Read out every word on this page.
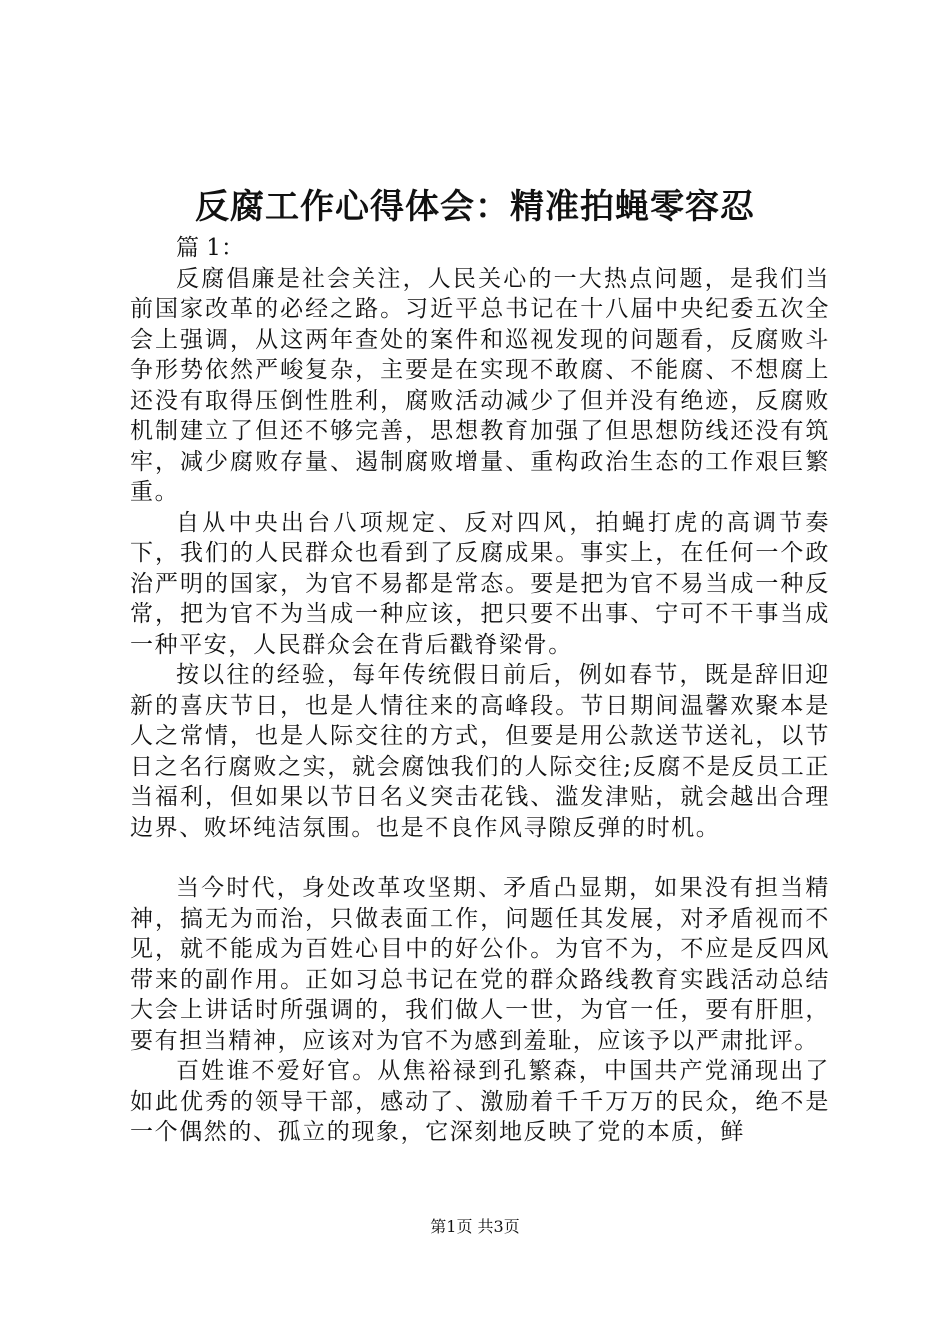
反腐工作心得体会：精准拍蝇零容忍

篇 1：

反腐倡廉是社会关注，人民关心的一大热点问题，是我们当前国家改革的必经之路。习近平总书记在十八届中央纪委五次全会上强调，从这两年查处的案件和巡视发现的问题看，反腐败斗争形势依然严峻复杂，主要是在实现不敢腐、不能腐、不想腐上还没有取得压倒性胜利，腐败活动减少了但并没有绝迹，反腐败机制建立了但还不够完善，思想教育加强了但思想防线还没有筑牢，减少腐败存量、遏制腐败增量、重构政治生态的工作艰巨繁重。

自从中央出台八项规定、反对四风，拍蝇打虎的高调节奏下，我们的人民群众也看到了反腐成果。事实上，在任何一个政治严明的国家，为官不易都是常态。要是把为官不易当成一种反常，把为官不为当成一种应该，把只要不出事、宁可不干事当成一种平安，人民群众会在背后戳脊梁骨。

按以往的经验，每年传统假日前后，例如春节，既是辞旧迎新的喜庆节日，也是人情往来的高峰段。节日期间温馨欢聚本是人之常情，也是人际交往的方式，但要是用公款送节送礼，以节日之名行腐败之实，就会腐蚀我们的人际交往;反腐不是反员工正当福利，但如果以节日名义突击花钱、滥发津贴，就会越出合理边界、败坏纯洁氛围。也是不良作风寻隙反弹的时机。

当今时代，身处改革攻坚期、矛盾凸显期，如果没有担当精神，搞无为而治，只做表面工作，问题任其发展，对矛盾视而不见，就不能成为百姓心目中的好公仆。为官不为，不应是反四风带来的副作用。正如习总书记在党的群众路线教育实践活动总结大会上讲话时所强调的，我们做人一世，为官一任，要有肝胆，要有担当精神，应该对为官不为感到羞耻，应该予以严肃批评。

百姓谁不爱好官。从焦裕禄到孔繁森，中国共产党涌现出了如此优秀的领导干部，感动了、激励着千千万万的民众，绝不是一个偶然的、孤立的现象，它深刻地反映了党的本质，鲜

第1页 共3页
